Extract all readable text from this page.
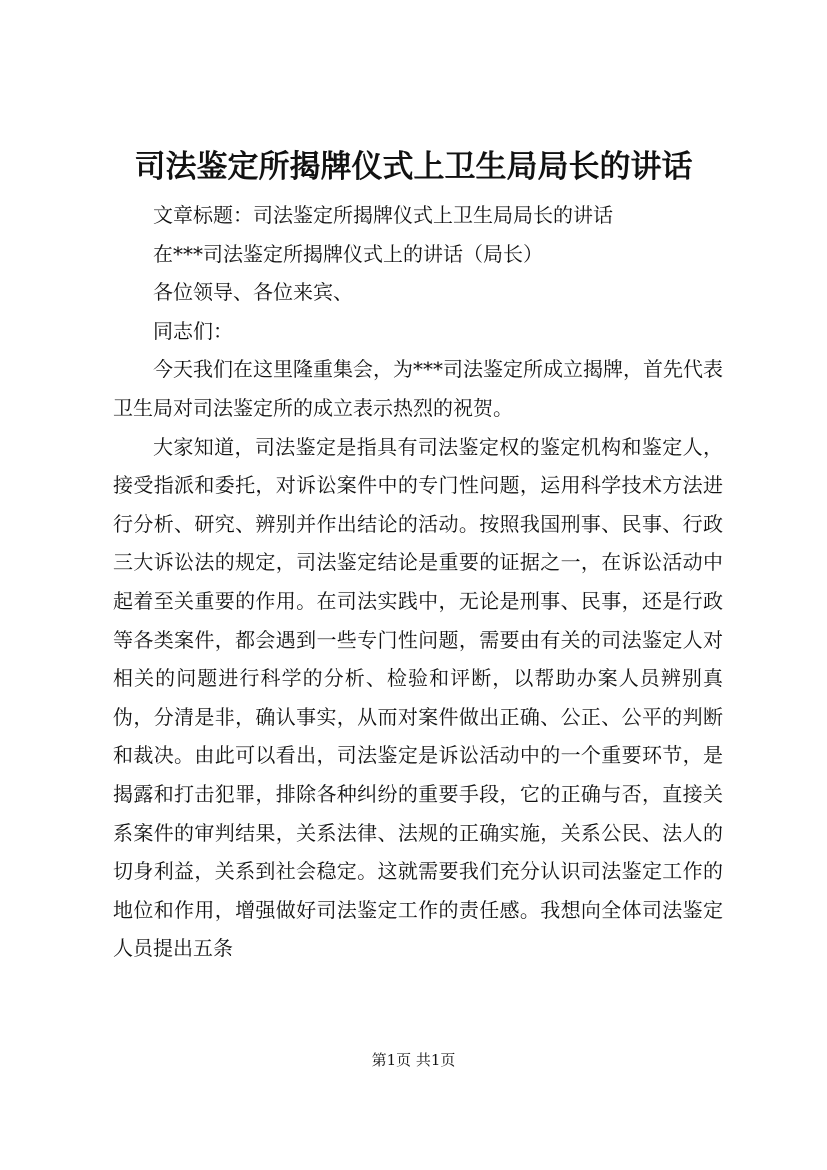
司法鉴定所揭牌仪式上卫生局局长的讲话

文章标题：司法鉴定所揭牌仪式上卫生局局长的讲话

在***司法鉴定所揭牌仪式上的讲话（局长）

各位领导、各位来宾、

同志们：

今天我们在这里隆重集会，为***司法鉴定所成立揭牌，首先代表卫生局对司法鉴定所的成立表示热烈的祝贺。

大家知道，司法鉴定是指具有司法鉴定权的鉴定机构和鉴定人，接受指派和委托，对诉讼案件中的专门性问题，运用科学技术方法进行分析、研究、辨别并作出结论的活动。按照我国刑事、民事、行政三大诉讼法的规定，司法鉴定结论是重要的证据之一，在诉讼活动中起着至关重要的作用。在司法实践中，无论是刑事、民事，还是行政等各类案件，都会遇到一些专门性问题，需要由有关的司法鉴定人对相关的问题进行科学的分析、检验和评断，以帮助办案人员辨别真伪，分清是非，确认事实，从而对案件做出正确、公正、公平的判断和裁决。由此可以看出，司法鉴定是诉讼活动中的一个重要环节，是揭露和打击犯罪，排除各种纠纷的重要手段，它的正确与否，直接关系案件的审判结果，关系法律、法规的正确实施，关系公民、法人的切身利益，关系到社会稳定。这就需要我们充分认识司法鉴定工作的地位和作用，增强做好司法鉴定工作的责任感。我想向全体司法鉴定人员提出五条

第1页 共1页
